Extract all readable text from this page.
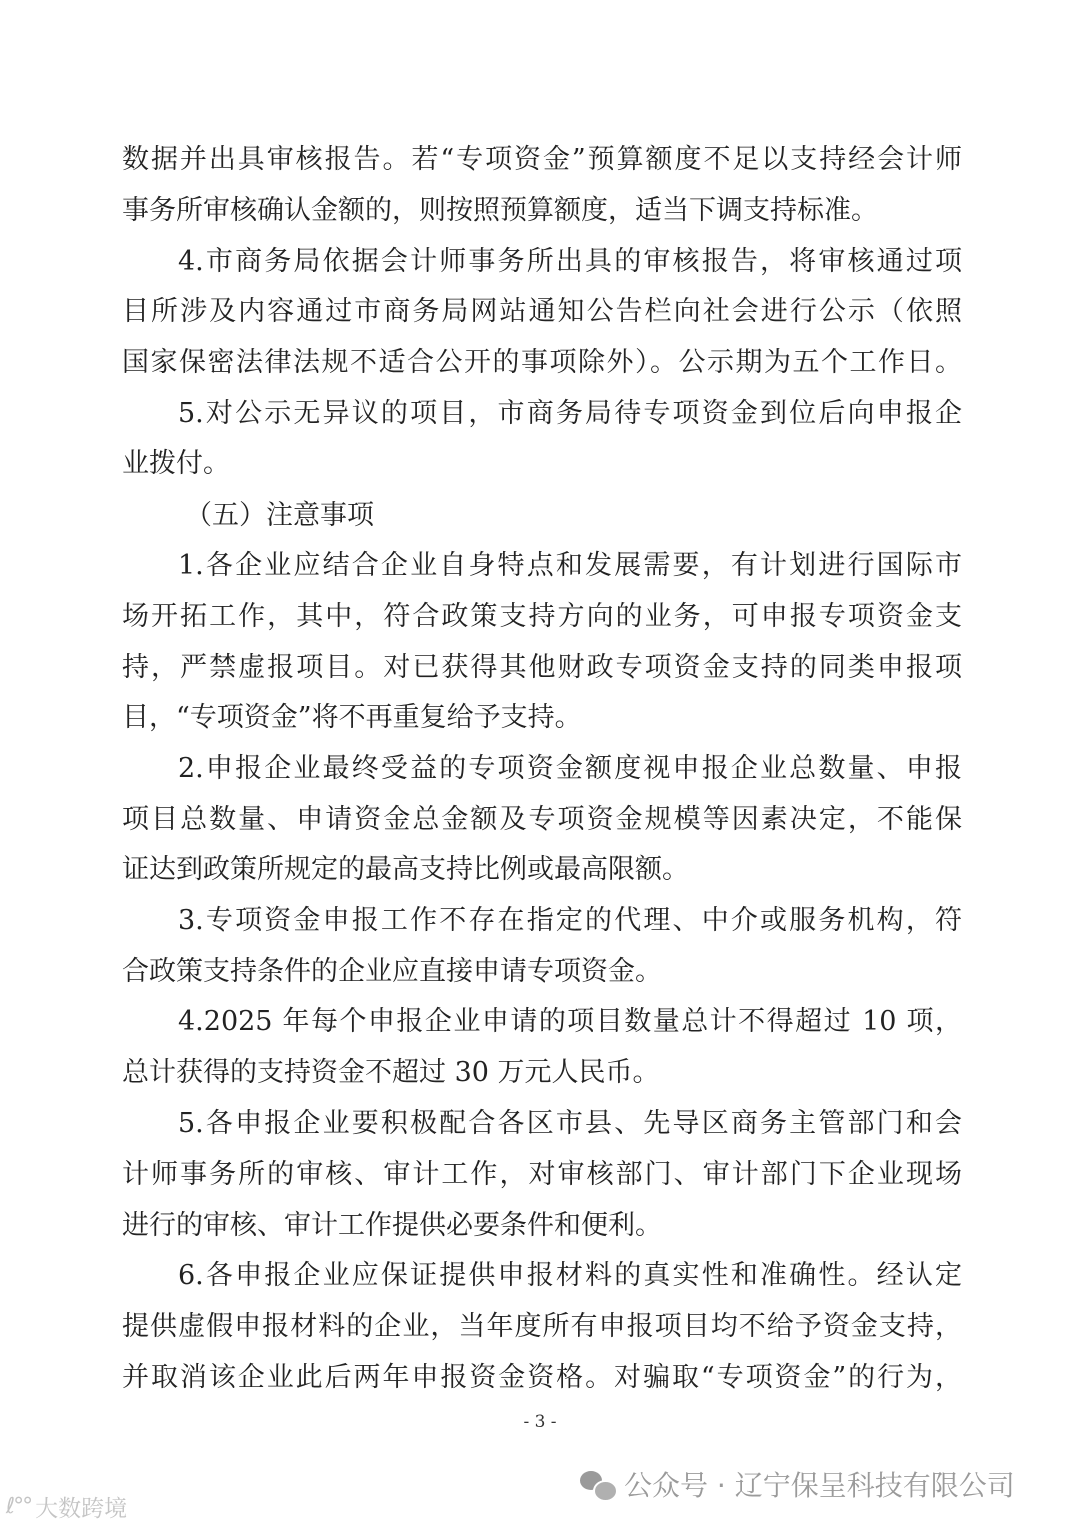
数据并出具审核报告。若“专项资金”预算额度不足以支持经会计师
事务所审核确认金额的，则按照预算额度，适当下调支持标准。
4.市商务局依据会计师事务所出具的审核报告，将审核通过项
目所涉及内容通过市商务局网站通知公告栏向社会进行公示（依照
国家保密法律法规不适合公开的事项除外）。公示期为五个工作日。
5.对公示无异议的项目，市商务局待专项资金到位后向申报企
业拨付。
（五）注意事项
1.各企业应结合企业自身特点和发展需要，有计划进行国际市
场开拓工作，其中，符合政策支持方向的业务，可申报专项资金支
持，严禁虚报项目。对已获得其他财政专项资金支持的同类申报项
目，“专项资金”将不再重复给予支持。
2.申报企业最终受益的专项资金额度视申报企业总数量、申报
项目总数量、申请资金总金额及专项资金规模等因素决定，不能保
证达到政策所规定的最高支持比例或最高限额。
3.专项资金申报工作不存在指定的代理、中介或服务机构，符
合政策支持条件的企业应直接申请专项资金。
4.2025 年每个申报企业申请的项目数量总计不得超过 10 项，
总计获得的支持资金不超过 30 万元人民币。
5.各申报企业要积极配合各区市县、先导区商务主管部门和会
计师事务所的审核、审计工作，对审核部门、审计部门下企业现场
进行的审核、审计工作提供必要条件和便利。
6.各申报企业应保证提供申报材料的真实性和准确性。经认定
提供虚假申报材料的企业，当年度所有申报项目均不给予资金支持，
并取消该企业此后两年申报资金资格。对骗取“专项资金”的行为，
- 3 -
公众号 · 辽宁保呈科技有限公司
ℓ°° 大数跨境
